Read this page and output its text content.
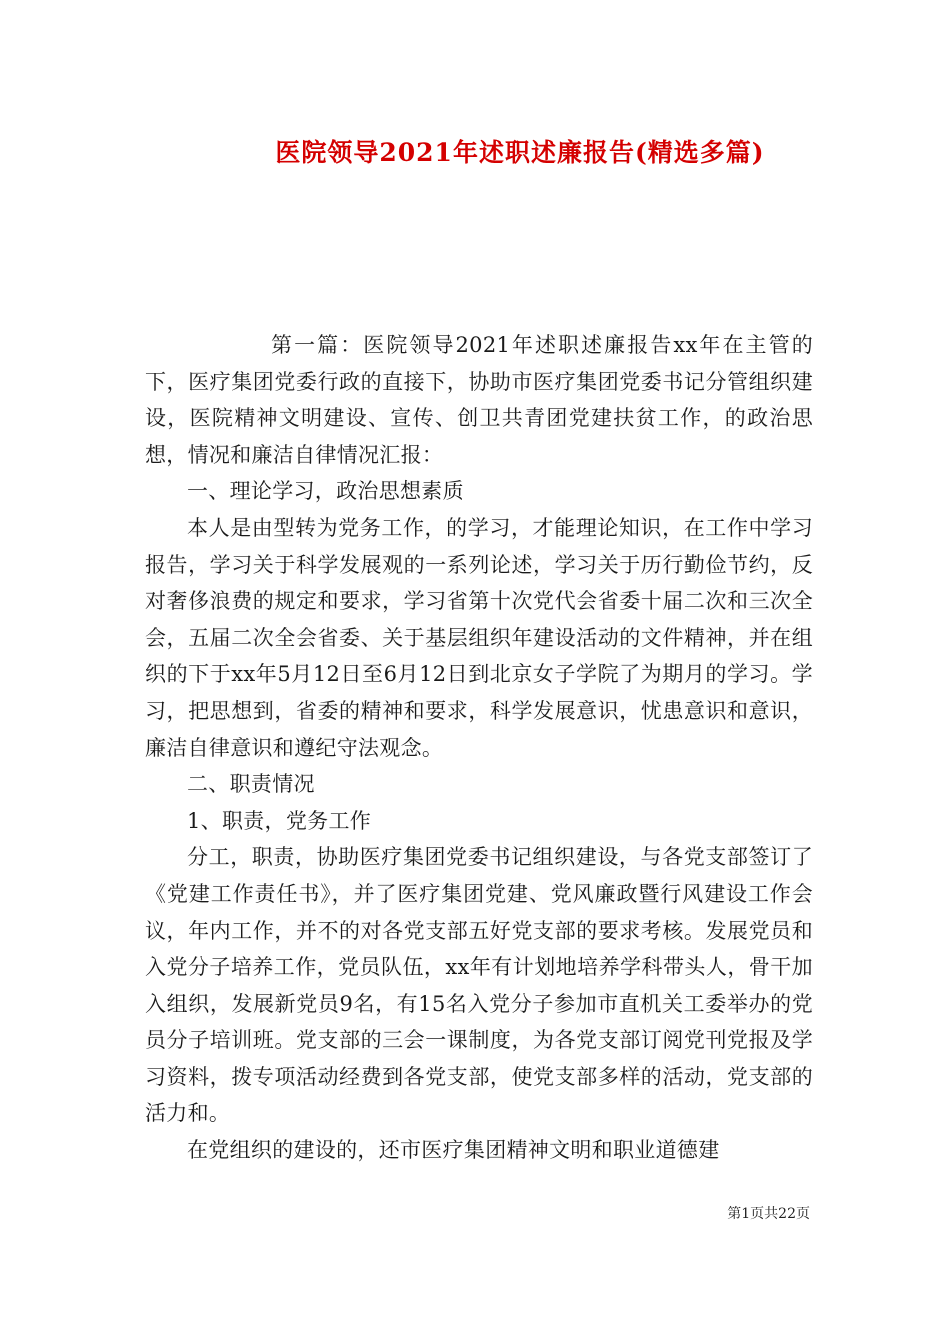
医院领导2021年述职述廉报告(精选多篇)

第一篇：医院领导2021年述职述廉报告xx年在主管的下，医疗集团党委行政的直接下，协助市医疗集团党委书记分管组织建设，医院精神文明建设、宣传、创卫共青团党建扶贫工作，的政治思想，情况和廉洁自律情况汇报：

一、理论学习，政治思想素质

本人是由型转为党务工作，的学习，才能理论知识，在工作中学习报告，学习关于科学发展观的一系列论述，学习关于历行勤俭节约，反对奢侈浪费的规定和要求，学习省第十次党代会省委十届二次和三次全会，五届二次全会省委、关于基层组织年建设活动的文件精神，并在组织的下于xx年5月12日至6月12日到北京女子学院了为期月的学习。学习，把思想到，省委的精神和要求，科学发展意识，忧患意识和意识，廉洁自律意识和遵纪守法观念。

二、职责情况

1、职责，党务工作

分工，职责，协助医疗集团党委书记组织建设，与各党支部签订了《党建工作责任书》，并了医疗集团党建、党风廉政暨行风建设工作会议，年内工作，并不的对各党支部五好党支部的要求考核。发展党员和入党分子培养工作，党员队伍，xx年有计划地培养学科带头人，骨干加入组织，发展新党员9名，有15名入党分子参加市直机关工委举办的党员分子培训班。党支部的三会一课制度，为各党支部订阅党刊党报及学习资料，拨专项活动经费到各党支部，使党支部多样的活动，党支部的活力和。

在党组织的建设的，还市医疗集团精神文明和职业道德建

第1页共22页
